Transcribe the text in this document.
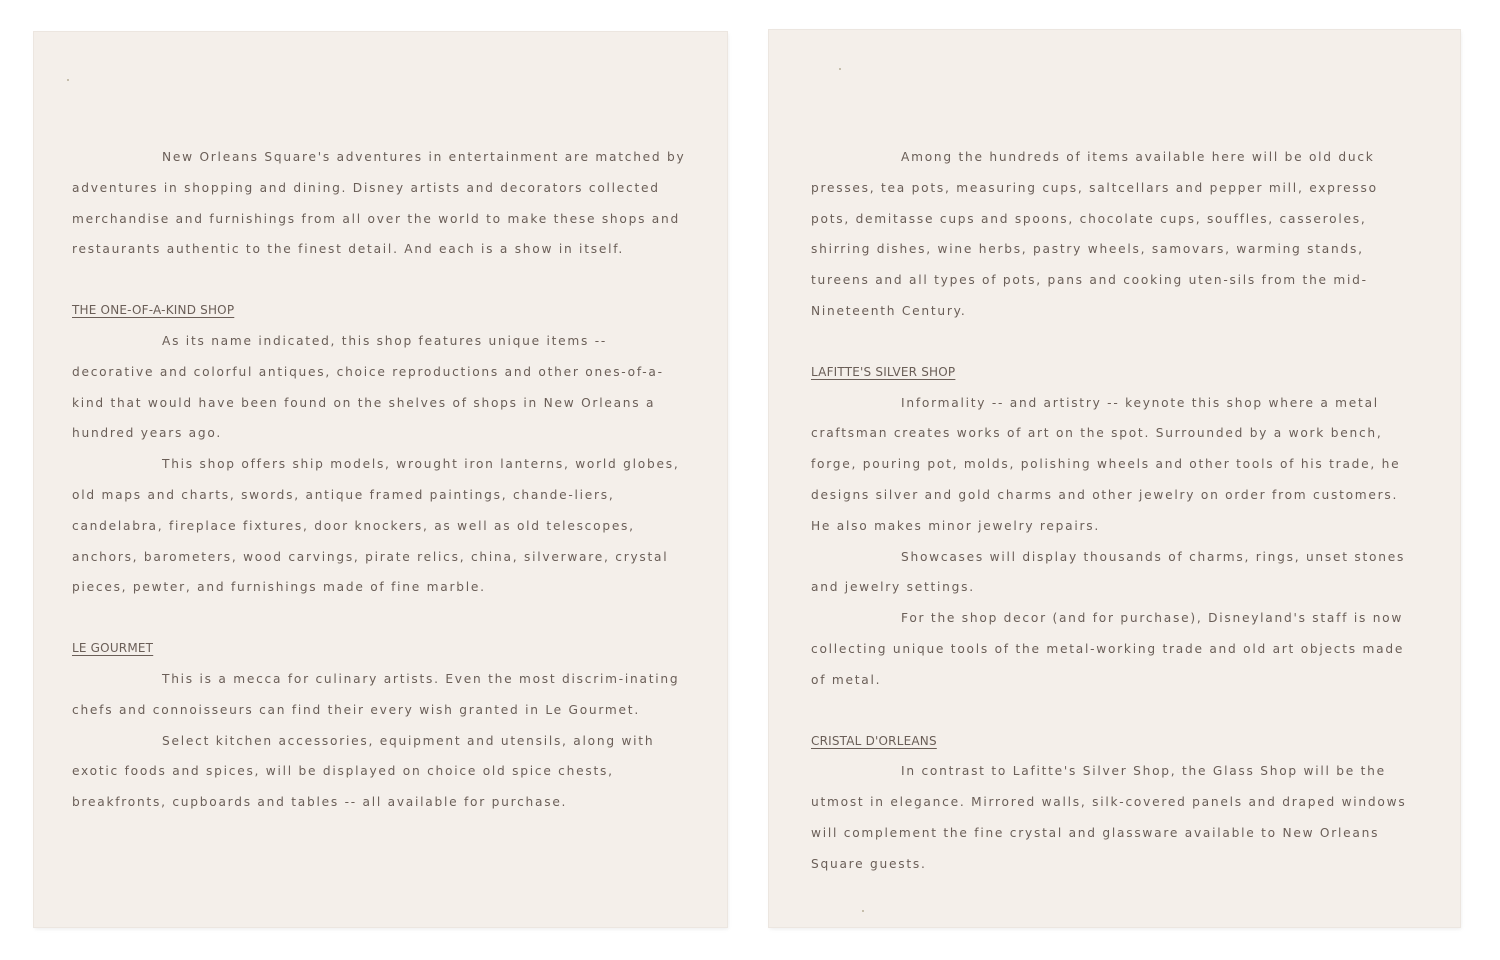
New Orleans Square's adventures in entertainment are matched by adventures in shopping and dining. Disney artists and decorators collected merchandise and furnishings from all over the world to make these shops and restaurants authentic to the finest detail. And each is a show in itself.

THE ONE-OF-A-KIND SHOP

As its name indicated, this shop features unique items -- decorative and colorful antiques, choice reproductions and other ones-of-a-kind that would have been found on the shelves of shops in New Orleans a hundred years ago.

This shop offers ship models, wrought iron lanterns, world globes, old maps and charts, swords, antique framed paintings, chande-liers, candelabra, fireplace fixtures, door knockers, as well as old telescopes, anchors, barometers, wood carvings, pirate relics, china, silverware, crystal pieces, pewter, and furnishings made of fine marble.

LE GOURMET

This is a mecca for culinary artists. Even the most discrim-inating chefs and connoisseurs can find their every wish granted in Le Gourmet.

Select kitchen accessories, equipment and utensils, along with exotic foods and spices, will be displayed on choice old spice chests, breakfronts, cupboards and tables -- all available for purchase.

Among the hundreds of items available here will be old duck presses, tea pots, measuring cups, saltcellars and pepper mill, expresso pots, demitasse cups and spoons, chocolate cups, souffles, casseroles, shirring dishes, wine herbs, pastry wheels, samovars, warming stands, tureens and all types of pots, pans and cooking uten-sils from the mid-Nineteenth Century.

LAFITTE'S SILVER SHOP

Informality -- and artistry -- keynote this shop where a metal craftsman creates works of art on the spot. Surrounded by a work bench, forge, pouring pot, molds, polishing wheels and other tools of his trade, he designs silver and gold charms and other jewelry on order from customers. He also makes minor jewelry repairs.

Showcases will display thousands of charms, rings, unset stones and jewelry settings.

For the shop decor (and for purchase), Disneyland's staff is now collecting unique tools of the metal-working trade and old art objects made of metal.

CRISTAL D'ORLEANS

In contrast to Lafitte's Silver Shop, the Glass Shop will be the utmost in elegance. Mirrored walls, silk-covered panels and draped windows will complement the fine crystal and glassware available to New Orleans Square guests.
